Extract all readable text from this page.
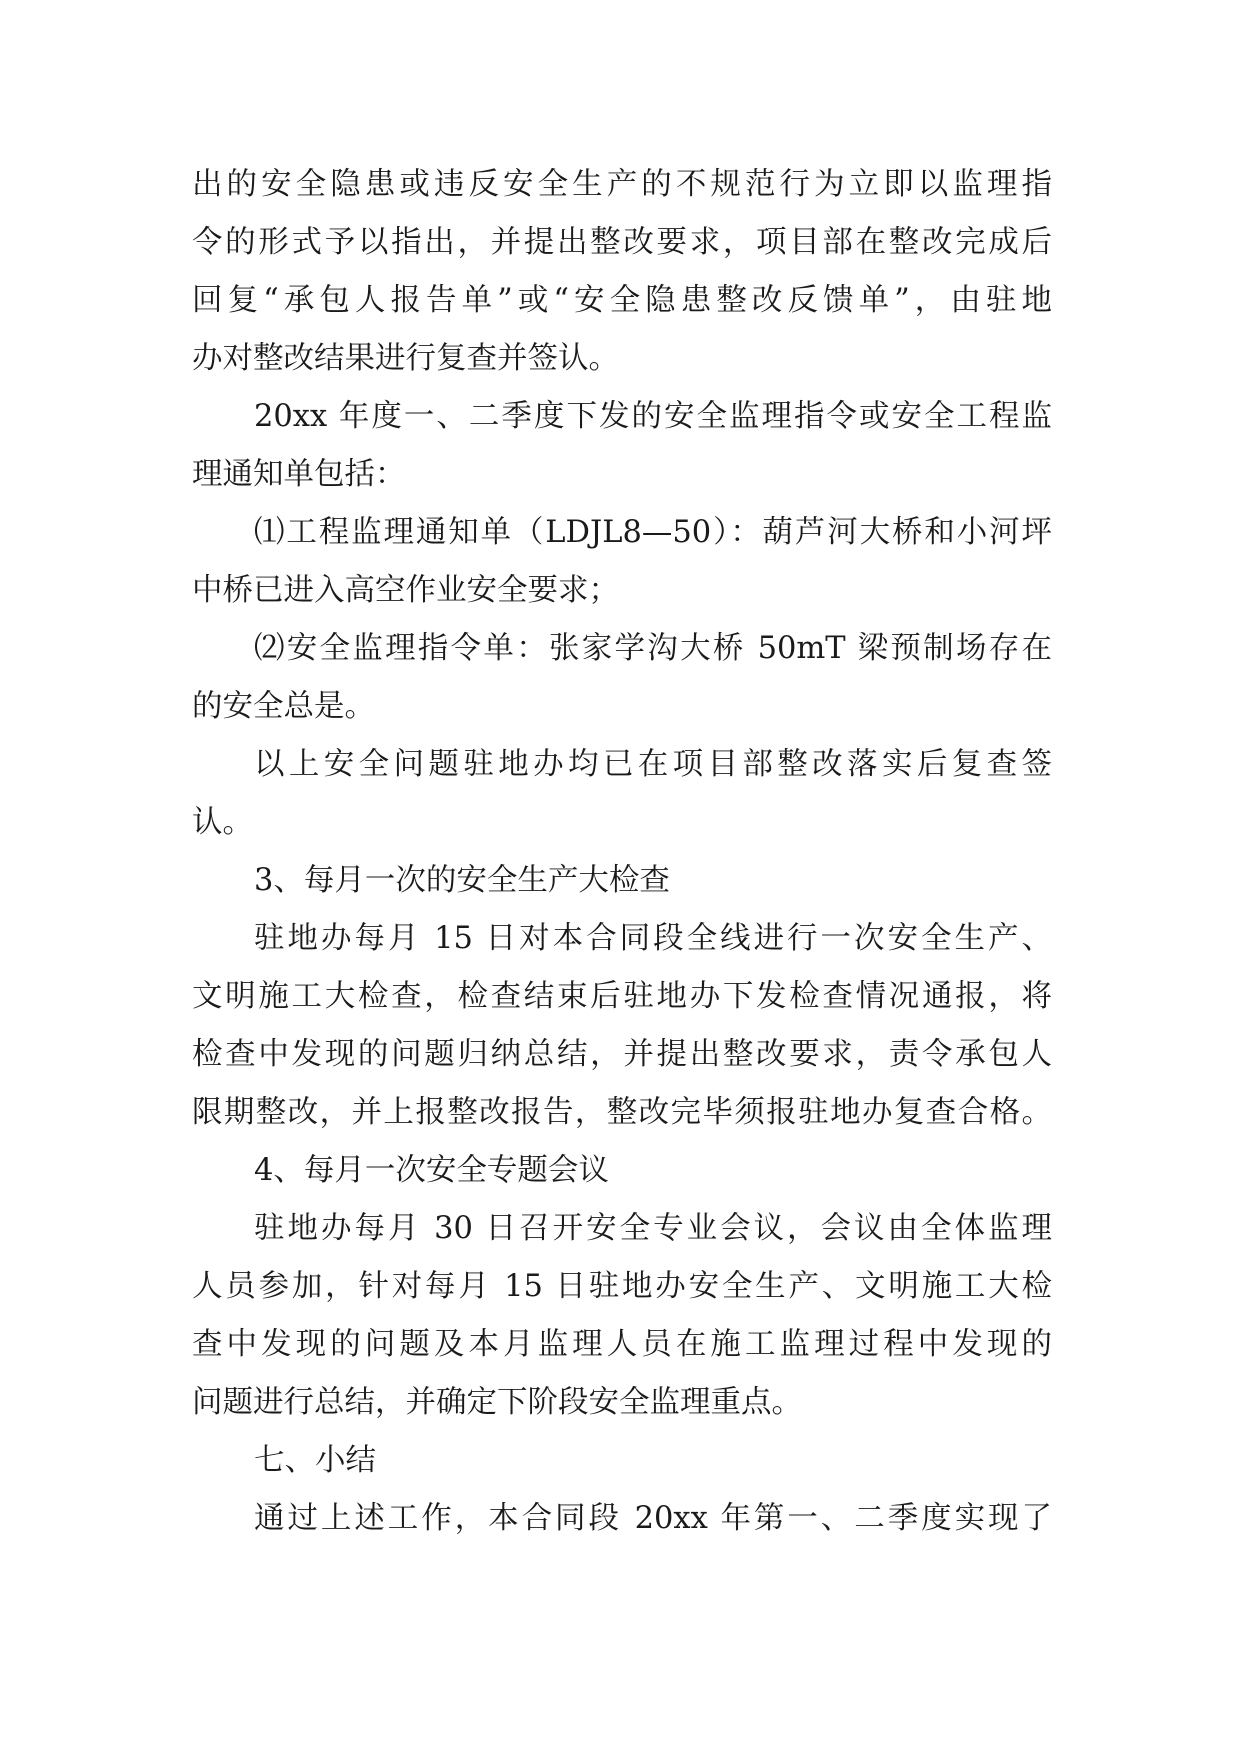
出的安全隐患或违反安全生产的不规范行为立即以监理指
令的形式予以指出，并提出整改要求，项目部在整改完成后
回复“承包人报告单”或“安全隐患整改反馈单”，由驻地
办对整改结果进行复查并签认。
20xx 年度一、二季度下发的安全监理指令或安全工程监
理通知单包括：
⑴工程监理通知单（LDJL8—50）：葫芦河大桥和小河坪
中桥已进入高空作业安全要求；
⑵安全监理指令单：张家学沟大桥 50mT 梁预制场存在
的安全总是。
以上安全问题驻地办均已在项目部整改落实后复查签
认。
3、每月一次的安全生产大检查
驻地办每月 15 日对本合同段全线进行一次安全生产、
文明施工大检查，检查结束后驻地办下发检查情况通报，将
检查中发现的问题归纳总结，并提出整改要求，责令承包人
限期整改，并上报整改报告，整改完毕须报驻地办复查合格。
4、每月一次安全专题会议
驻地办每月 30 日召开安全专业会议，会议由全体监理
人员参加，针对每月 15 日驻地办安全生产、文明施工大检
查中发现的问题及本月监理人员在施工监理过程中发现的
问题进行总结，并确定下阶段安全监理重点。
七、小结
通过上述工作，本合同段 20xx 年第一、二季度实现了
